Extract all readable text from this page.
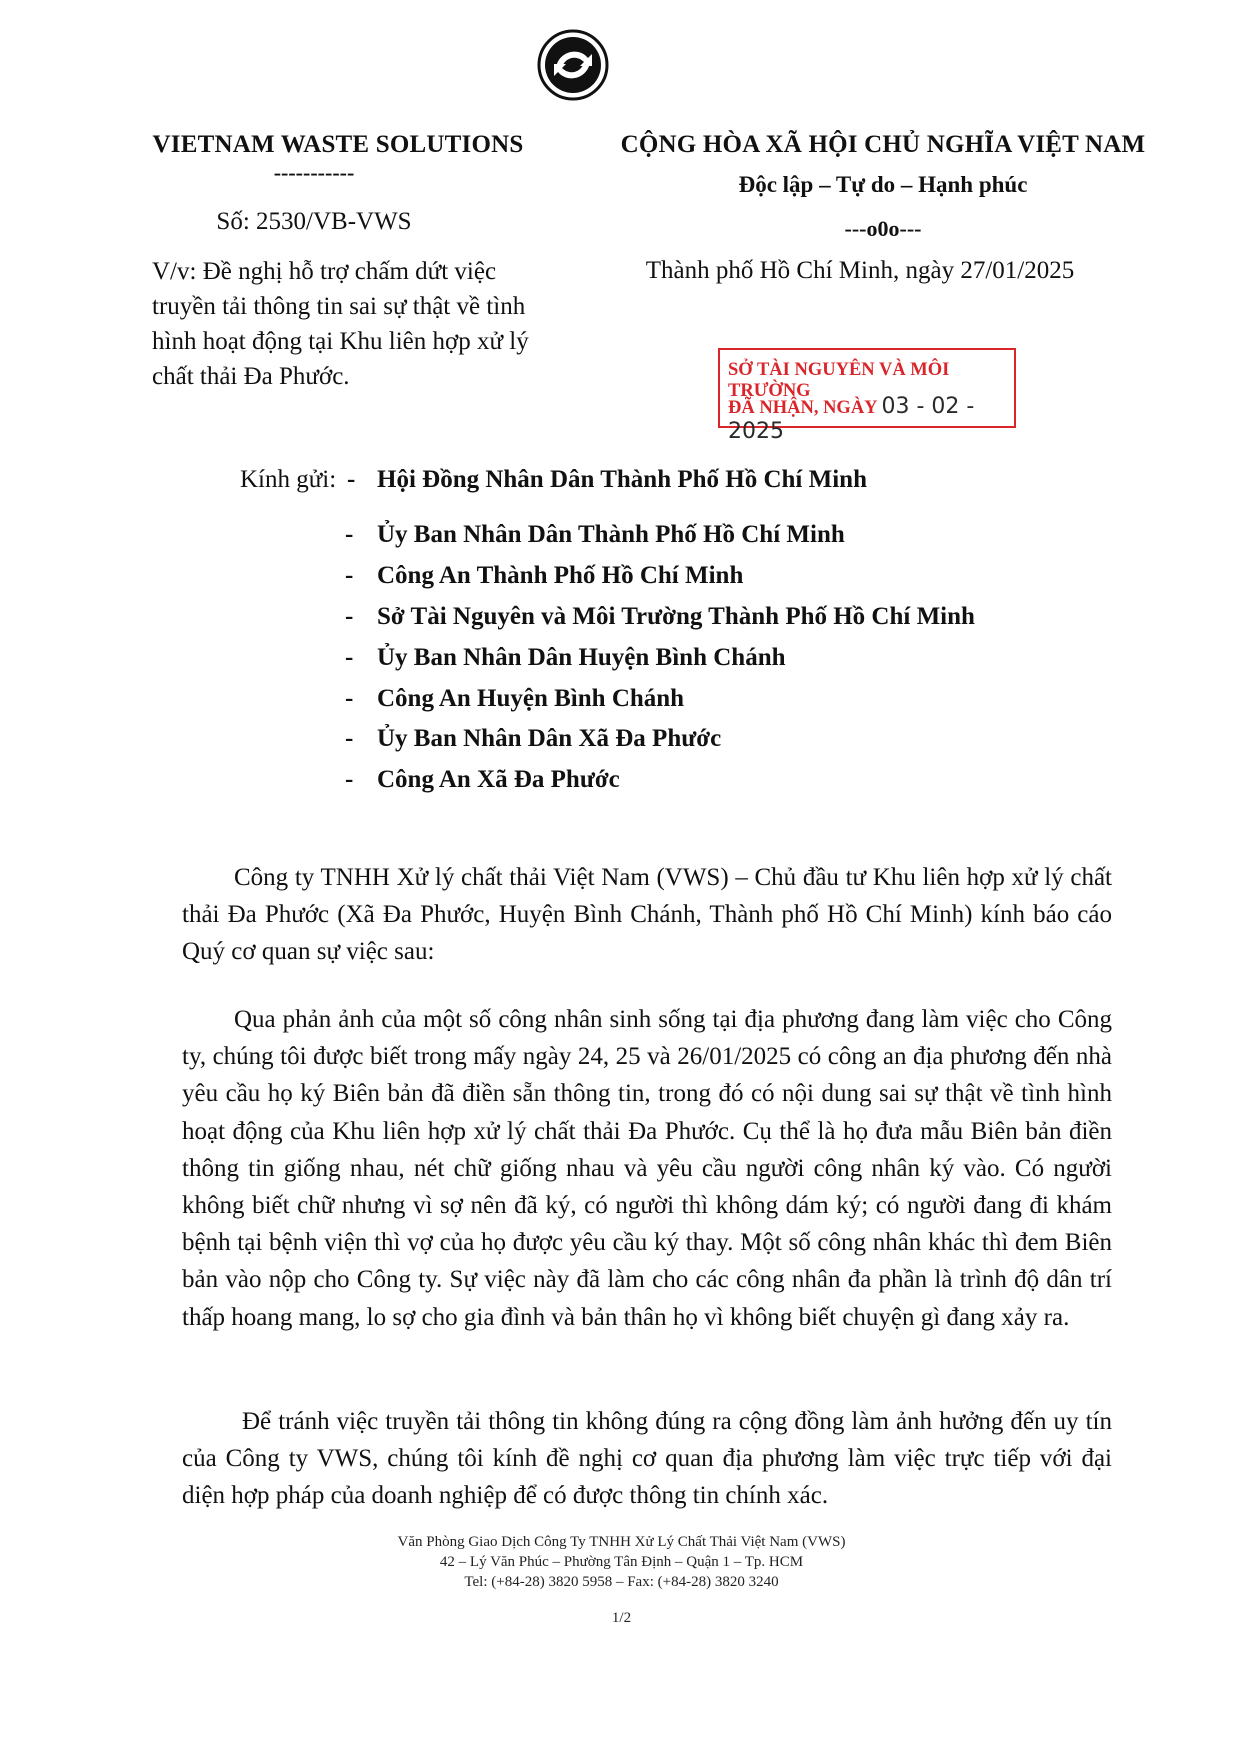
VIETNAM WASTE SOLUTIONS
-----------
Số: 2530/VB-VWS
V/v: Đề nghị hỗ trợ chấm dứt việc truyền tải thông tin sai sự thật về tình hình hoạt động tại Khu liên hợp xử lý chất thải Đa Phước.
CỘNG HÒA XÃ HỘI CHỦ NGHĨA VIỆT NAM
Độc lập – Tự do – Hạnh phúc
---o0o---
Thành phố Hồ Chí Minh, ngày 27/01/2025
SỞ TÀI NGUYÊN VÀ MÔI TRƯỜNG
ĐÃ NHẬN, NGÀY 03 - 02 - 2025
Kính gửi: - Hội Đồng Nhân Dân Thành Phố Hồ Chí Minh
- Ủy Ban Nhân Dân Thành Phố Hồ Chí Minh
- Công An Thành Phố Hồ Chí Minh
- Sở Tài Nguyên và Môi Trường Thành Phố Hồ Chí Minh
- Ủy Ban Nhân Dân Huyện Bình Chánh
- Công An Huyện Bình Chánh
- Ủy Ban Nhân Dân Xã Đa Phước
- Công An Xã Đa Phước
Công ty TNHH Xử lý chất thải Việt Nam (VWS) – Chủ đầu tư Khu liên hợp xử lý chất thải Đa Phước (Xã Đa Phước, Huyện Bình Chánh, Thành phố Hồ Chí Minh) kính báo cáo Quý cơ quan sự việc sau:
Qua phản ảnh của một số công nhân sinh sống tại địa phương đang làm việc cho Công ty, chúng tôi được biết trong mấy ngày 24, 25 và 26/01/2025 có công an địa phương đến nhà yêu cầu họ ký Biên bản đã điền sẵn thông tin, trong đó có nội dung sai sự thật về tình hình hoạt động của Khu liên hợp xử lý chất thải Đa Phước. Cụ thể là họ đưa mẫu Biên bản điền thông tin giống nhau, nét chữ giống nhau và yêu cầu người công nhân ký vào. Có người không biết chữ nhưng vì sợ nên đã ký, có người thì không dám ký; có người đang đi khám bệnh tại bệnh viện thì vợ của họ được yêu cầu ký thay. Một số công nhân khác thì đem Biên bản vào nộp cho Công ty. Sự việc này đã làm cho các công nhân đa phần là trình độ dân trí thấp hoang mang, lo sợ cho gia đình và bản thân họ vì không biết chuyện gì đang xảy ra.
Để tránh việc truyền tải thông tin không đúng ra cộng đồng làm ảnh hưởng đến uy tín của Công ty VWS, chúng tôi kính đề nghị cơ quan địa phương làm việc trực tiếp với đại diện hợp pháp của doanh nghiệp để có được thông tin chính xác.
Văn Phòng Giao Dịch Công Ty TNHH Xử Lý Chất Thải Việt Nam (VWS)
42 – Lý Văn Phúc – Phường Tân Định – Quận 1 – Tp. HCM
Tel: (+84-28) 3820 5958 – Fax: (+84-28) 3820 3240
1/2
